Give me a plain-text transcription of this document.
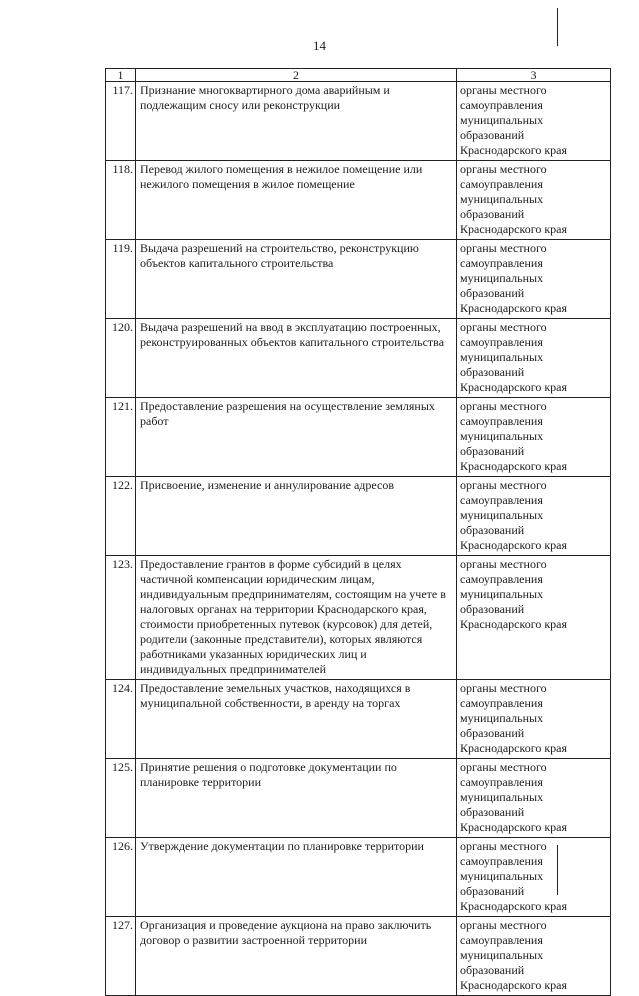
14
1	2	3
117.	Признание многоквартирного дома аварийным и подлежащим сносу или реконструкции	органы местного самоуправления муниципальных образований Краснодарского края
118.	Перевод жилого помещения в нежилое помещение или нежилого помещения в жилое помещение	органы местного самоуправления муниципальных образований Краснодарского края
119.	Выдача разрешений на строительство, реконструкцию объектов капитального строительства	органы местного самоуправления муниципальных образований Краснодарского края
120.	Выдача разрешений на ввод в эксплуатацию построенных, реконструированных объектов капитального строительства	органы местного самоуправления муниципальных образований Краснодарского края
121.	Предоставление разрешения на осуществление земляных работ	органы местного самоуправления муниципальных образований Краснодарского края
122.	Присвоение, изменение и аннулирование адресов	органы местного самоуправления муниципальных образований Краснодарского края
123.	Предоставление грантов в форме субсидий в целях частичной компенсации юридическим лицам, индивидуальным предпринимателям, состоящим на учете в налоговых органах на территории Краснодарского края, стоимости приобретенных путевок (курсовок) для детей, родители (законные представители), которых являются работниками указанных юридических лиц и индивидуальных предпринимателей	органы местного самоуправления муниципальных образований Краснодарского края
124.	Предоставление земельных участков, находящихся в муниципальной собственности, в аренду на торгах	органы местного самоуправления муниципальных образований Краснодарского края
125.	Принятие решения о подготовке документации по планировке территории	органы местного самоуправления муниципальных образований Краснодарского края
126.	Утверждение документации по планировке территории	органы местного самоуправления муниципальных образований Краснодарского края
127.	Организация и проведение аукциона на право заключить договор о развитии застроенной территории	органы местного самоуправления муниципальных образований Краснодарского края
